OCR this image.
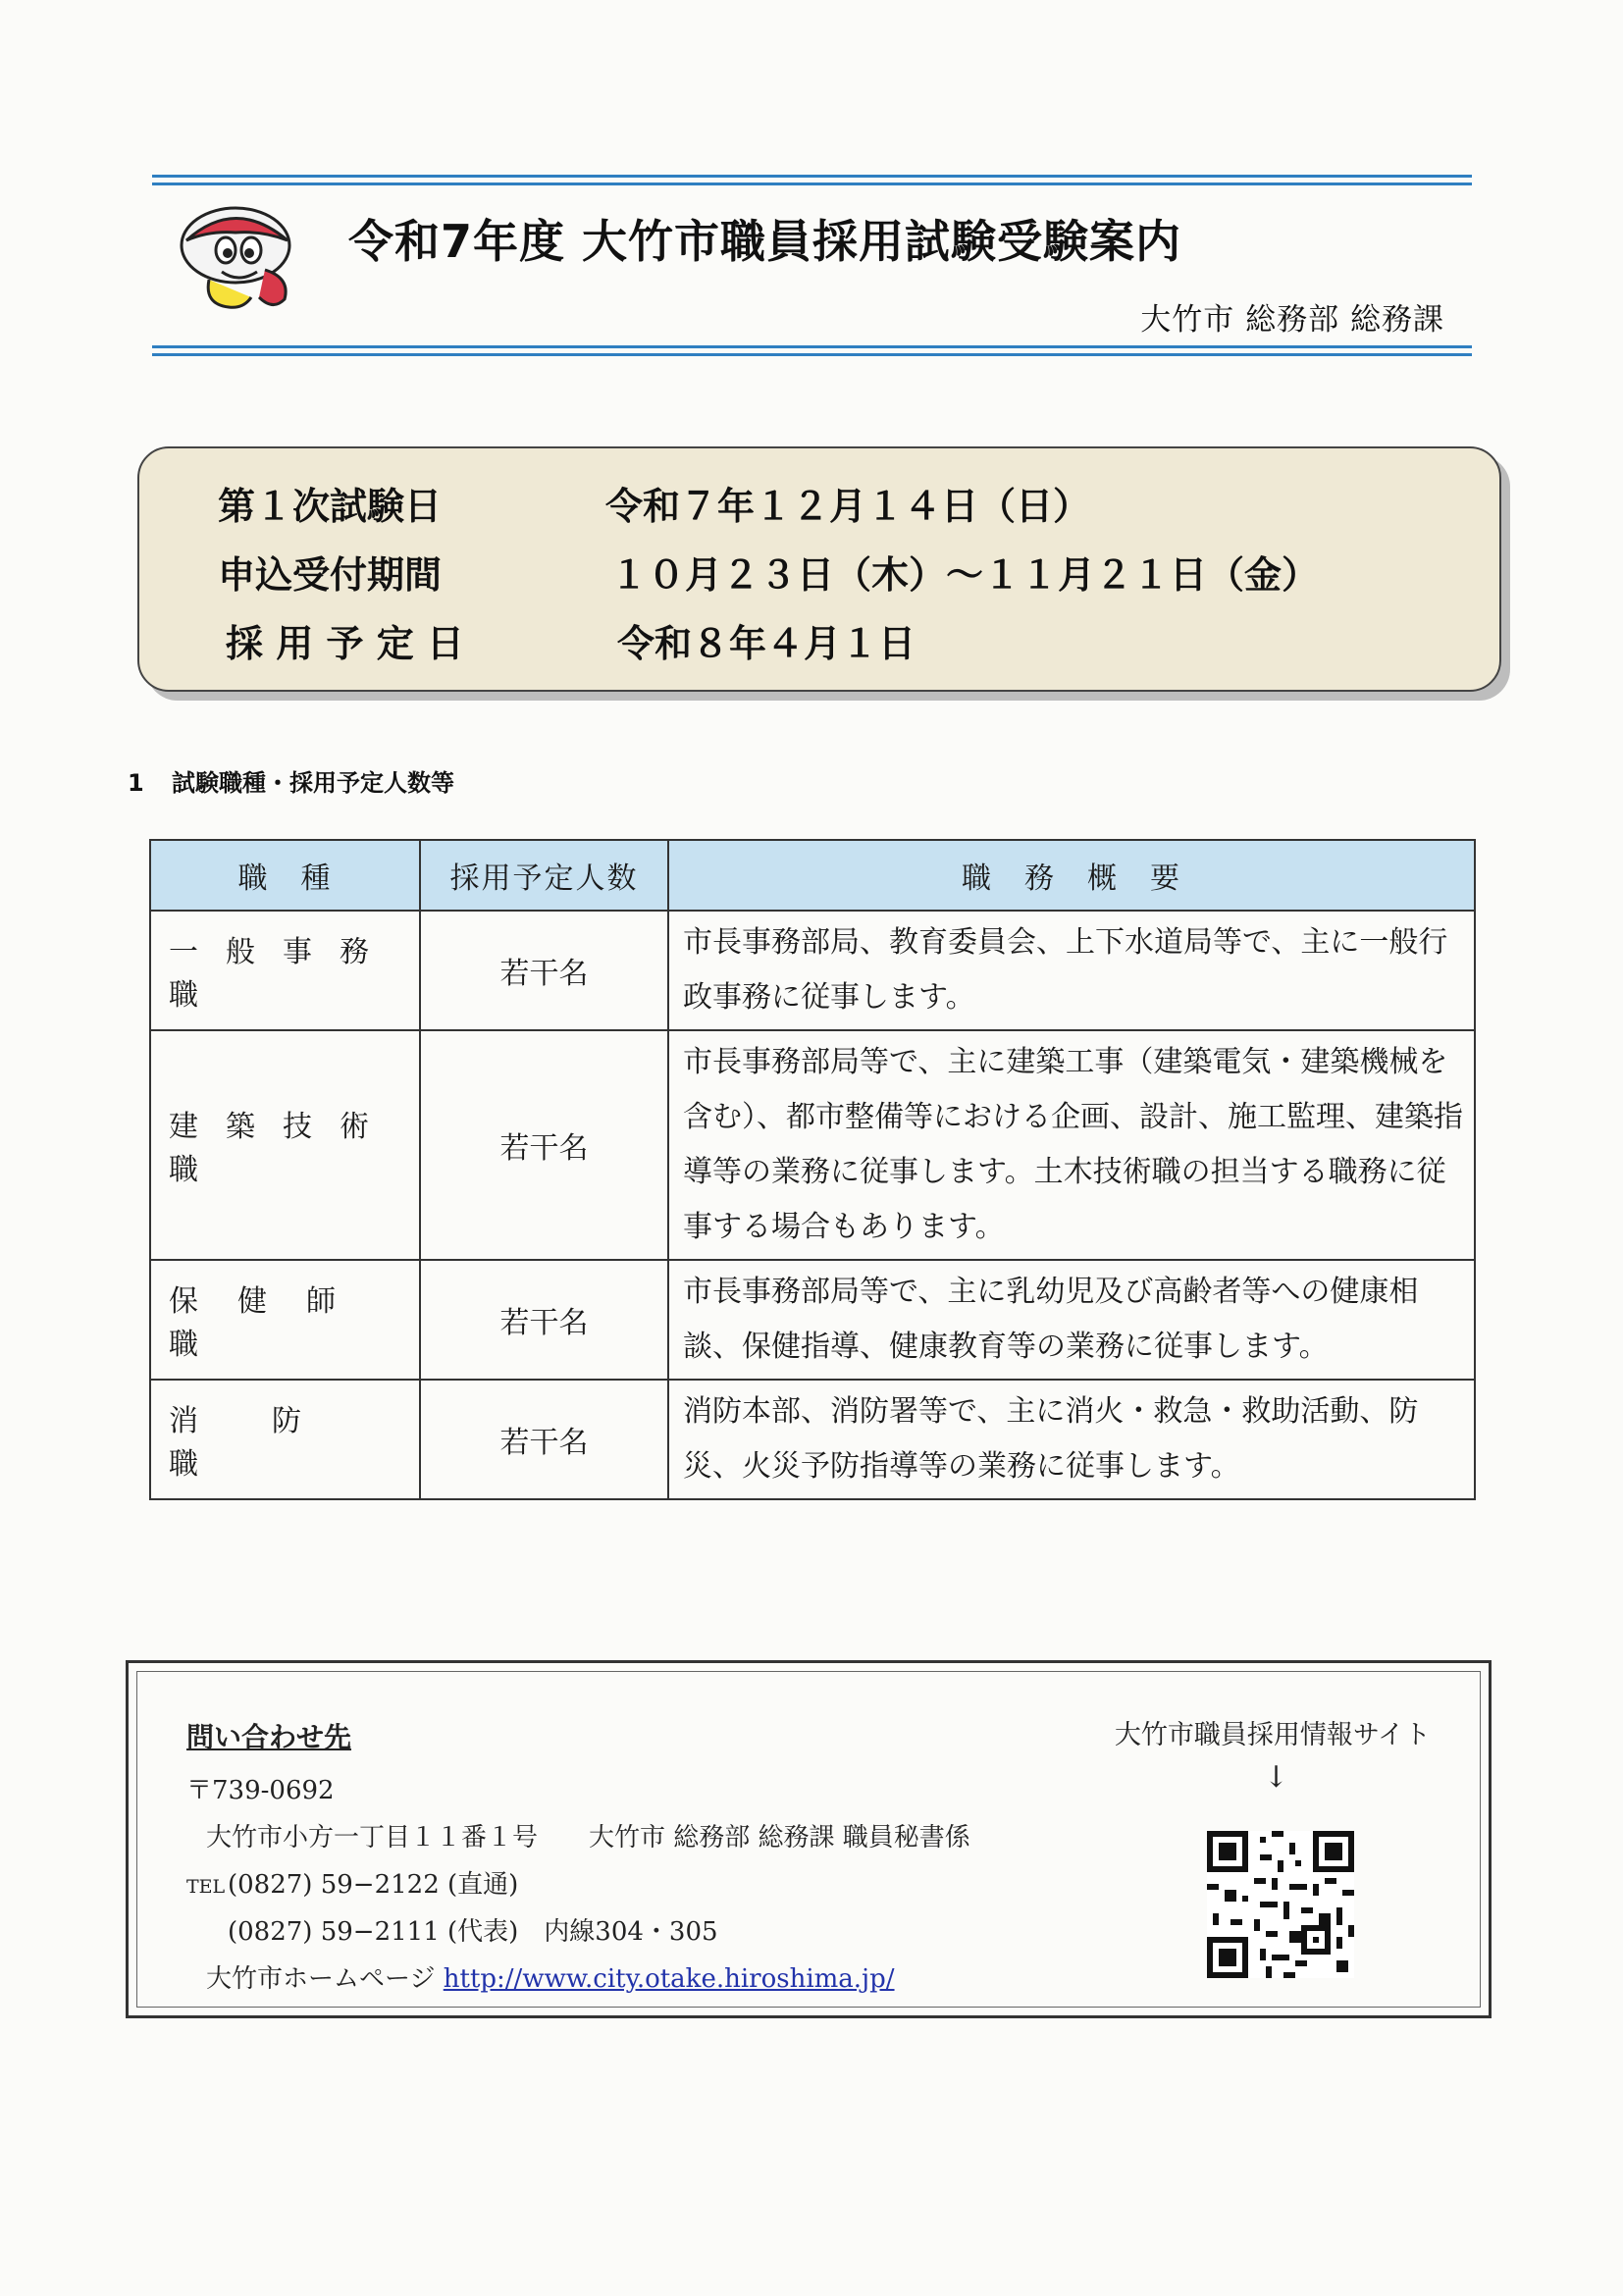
令和7年度 大竹市職員採用試験受験案内
大竹市 総務部 総務課
第１次試験日	令和７年１２月１４日（日）
申込受付期間	１０月２３日（木）～１１月２１日（金）
採 用 予 定 日	令和８年４月１日
1 試験職種・採用予定人数等
職　種	採用予定人数	職　務　概　要
一般事務職	若干名	市長事務部局、教育委員会、上下水道局等で、主に一般行政事務に従事します。
建築技術職	若干名	市長事務部局等で、主に建築工事（建築電気・建築機械を含む）、都市整備等における企画、設計、施工監理、建築指導等の業務に従事します。土木技術職の担当する職務に従事する場合もあります。
保健師職	若干名	市長事務部局等で、主に乳幼児及び高齢者等への健康相談、保健指導、健康教育等の業務に従事します。
消防職	若干名	消防本部、消防署等で、主に消火・救急・救助活動、防災、火災予防指導等の業務に従事します。
問い合わせ先
〒739-0692
大竹市小方一丁目１１番１号　　大竹市 総務部 総務課 職員秘書係
TEL (0827) 59−2122 (直通)
(0827) 59−2111 (代表)　内線304・305
大竹市ホームページ http://www.city.otake.hiroshima.jp/
大竹市職員採用情報サイト
↓
